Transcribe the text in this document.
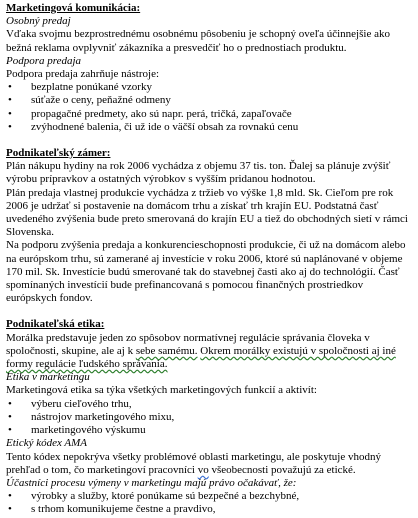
Marketingová komunikácia:

Osobný predaj

Vďaka svojmu bezprostrednému osobnému pôsobeniu je schopný oveľa účinnejšie ako bežná reklama ovplyvniť zákazníka a presvedčiť ho o prednostiach produktu.

Podpora predaja

Podpora predaja zahrňuje nástroje:

• bezplatne ponúkané vzorky
• súťaže o ceny, peňažné odmeny
• propagačné predmety, ako sú napr. perá, tričká, zapaľovače
• zvýhodnené balenia, či už ide o väčší obsah za rovnakú cenu

Podnikateľský zámer:

Plán nákupu hydiny na rok 2006 vychádza z objemu 37 tis. ton. Ďalej sa plánuje zvýšiť výrobu prípravkov a ostatných výrobkov s vyšším pridanou hodnotou.

Plán predaja vlastnej produkcie vychádza z tržieb vo výške 1,8 mld. Sk. Cieľom pre rok 2006 je udržať si postavenie na domácom trhu a získať trh krajín EU. Podstatná časť uvedeného zvýšenia bude preto smerovaná do krajín EU a tiež do obchodných sietí v rámci Slovenska.

Na podporu zvýšenia predaja a konkurencieschopnosti produkcie, či už na domácom alebo na európskom trhu, sú zamerané aj investície v roku 2006, ktoré sú naplánované v objeme 170 mil. Sk. Investície budú smerované tak do stavebnej časti ako aj do technológií. Časť spomínaných investícií bude prefinancovaná s pomocou finančných prostriedkov európskych fondov.

Podnikateľská etika:

Morálka predstavuje jeden zo spôsobov normatívnej regulácie správania človeka v spoločnosti, skupine, ale aj k sebe samému. Okrem morálky existujú v spoločnosti aj iné formy regulácie ľudského správania.

Etika v marketingu

Marketingová etika sa týka všetkých marketingových funkcií a aktivít:

• výberu cieľového trhu,
• nástrojov marketingového mixu,
• marketingového výskumu

Etický kódex AMA

Tento kódex nepokrýva všetky problémové oblasti marketingu, ale poskytuje vhodný prehľad o tom, čo marketingoví pracovníci vo všeobecnosti považujú za etické.

Účastníci procesu výmeny v marketingu majú právo očakávať, že:

• výrobky a služby, ktoré ponúkame sú bezpečné a bezchybné,
• s trhom komunikujeme čestne a pravdivo,
